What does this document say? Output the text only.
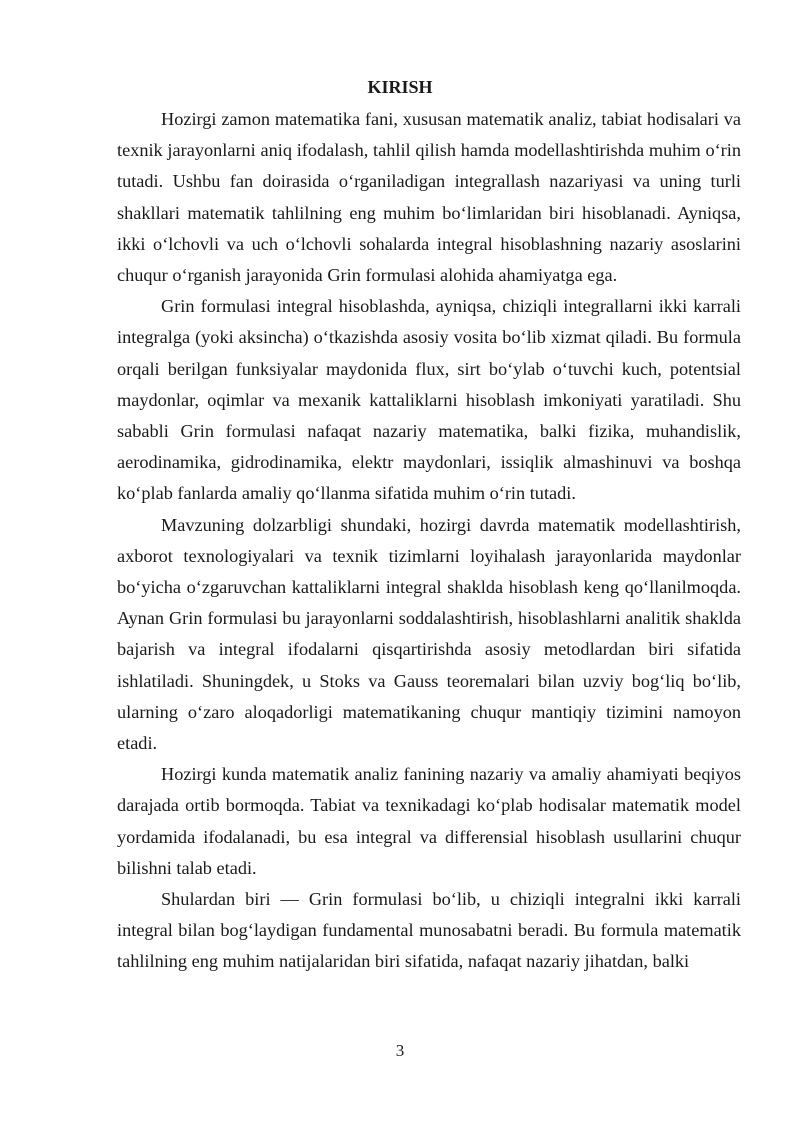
KIRISH

Hozirgi zamon matematika fani, xususan matematik analiz, tabiat hodisalari va texnik jarayonlarni aniq ifodalash, tahlil qilish hamda modellashtirishda muhim o‘rin tutadi. Ushbu fan doirasida o‘rganiladigan integrallash nazariyasi va uning turli shakllari matematik tahlilning eng muhim bo‘limlaridan biri hisoblanadi. Ayniqsa, ikki o‘lchovli va uch o‘lchovli sohalarda integral hisoblashning nazariy asoslarini chuqur o‘rganish jarayonida Grin formulasi alohida ahamiyatga ega.

Grin formulasi integral hisoblashda, ayniqsa, chiziqli integrallarni ikki karrali integralga (yoki aksincha) o‘tkazishda asosiy vosita bo‘lib xizmat qiladi. Bu formula orqali berilgan funksiyalar maydonida flux, sirt bo‘ylab o‘tuvchi kuch, potentsial maydonlar, oqimlar va mexanik kattaliklarni hisoblash imkoniyati yaratiladi. Shu sababli Grin formulasi nafaqat nazariy matematika, balki fizika, muhandislik, aerodinamika, gidrodinamika, elektr maydonlari, issiqlik almashinuvi va boshqa ko‘plab fanlarda amaliy qo‘llanma sifatida muhim o‘rin tutadi.

Mavzuning dolzarbligi shundaki, hozirgi davrda matematik modellashtirish, axborot texnologiyalari va texnik tizimlarni loyihalash jarayonlarida maydonlar bo‘yicha o‘zgaruvchan kattaliklarni integral shaklda hisoblash keng qo‘llanilmoqda. Aynan Grin formulasi bu jarayonlarni soddalashtirish, hisoblashlarni analitik shaklda bajarish va integral ifodalarni qisqartirishda asosiy metodlardan biri sifatida ishlatiladi. Shuningdek, u Stoks va Gauss teoremalari bilan uzviy bog‘liq bo‘lib, ularning o‘zaro aloqadorligi matematikaning chuqur mantiqiy tizimini namoyon etadi.

Hozirgi kunda matematik analiz fanining nazariy va amaliy ahamiyati beqiyos darajada ortib bormoqda. Tabiat va texnikadagi ko‘plab hodisalar matematik model yordamida ifodalanadi, bu esa integral va differensial hisoblash usullarini chuqur bilishni talab etadi.

Shulardan biri — Grin formulasi bo‘lib, u chiziqli integralni ikki karrali integral bilan bog‘laydigan fundamental munosabatni beradi. Bu formula matematik tahlilning eng muhim natijalaridan biri sifatida, nafaqat nazariy jihatdan, balki

3
